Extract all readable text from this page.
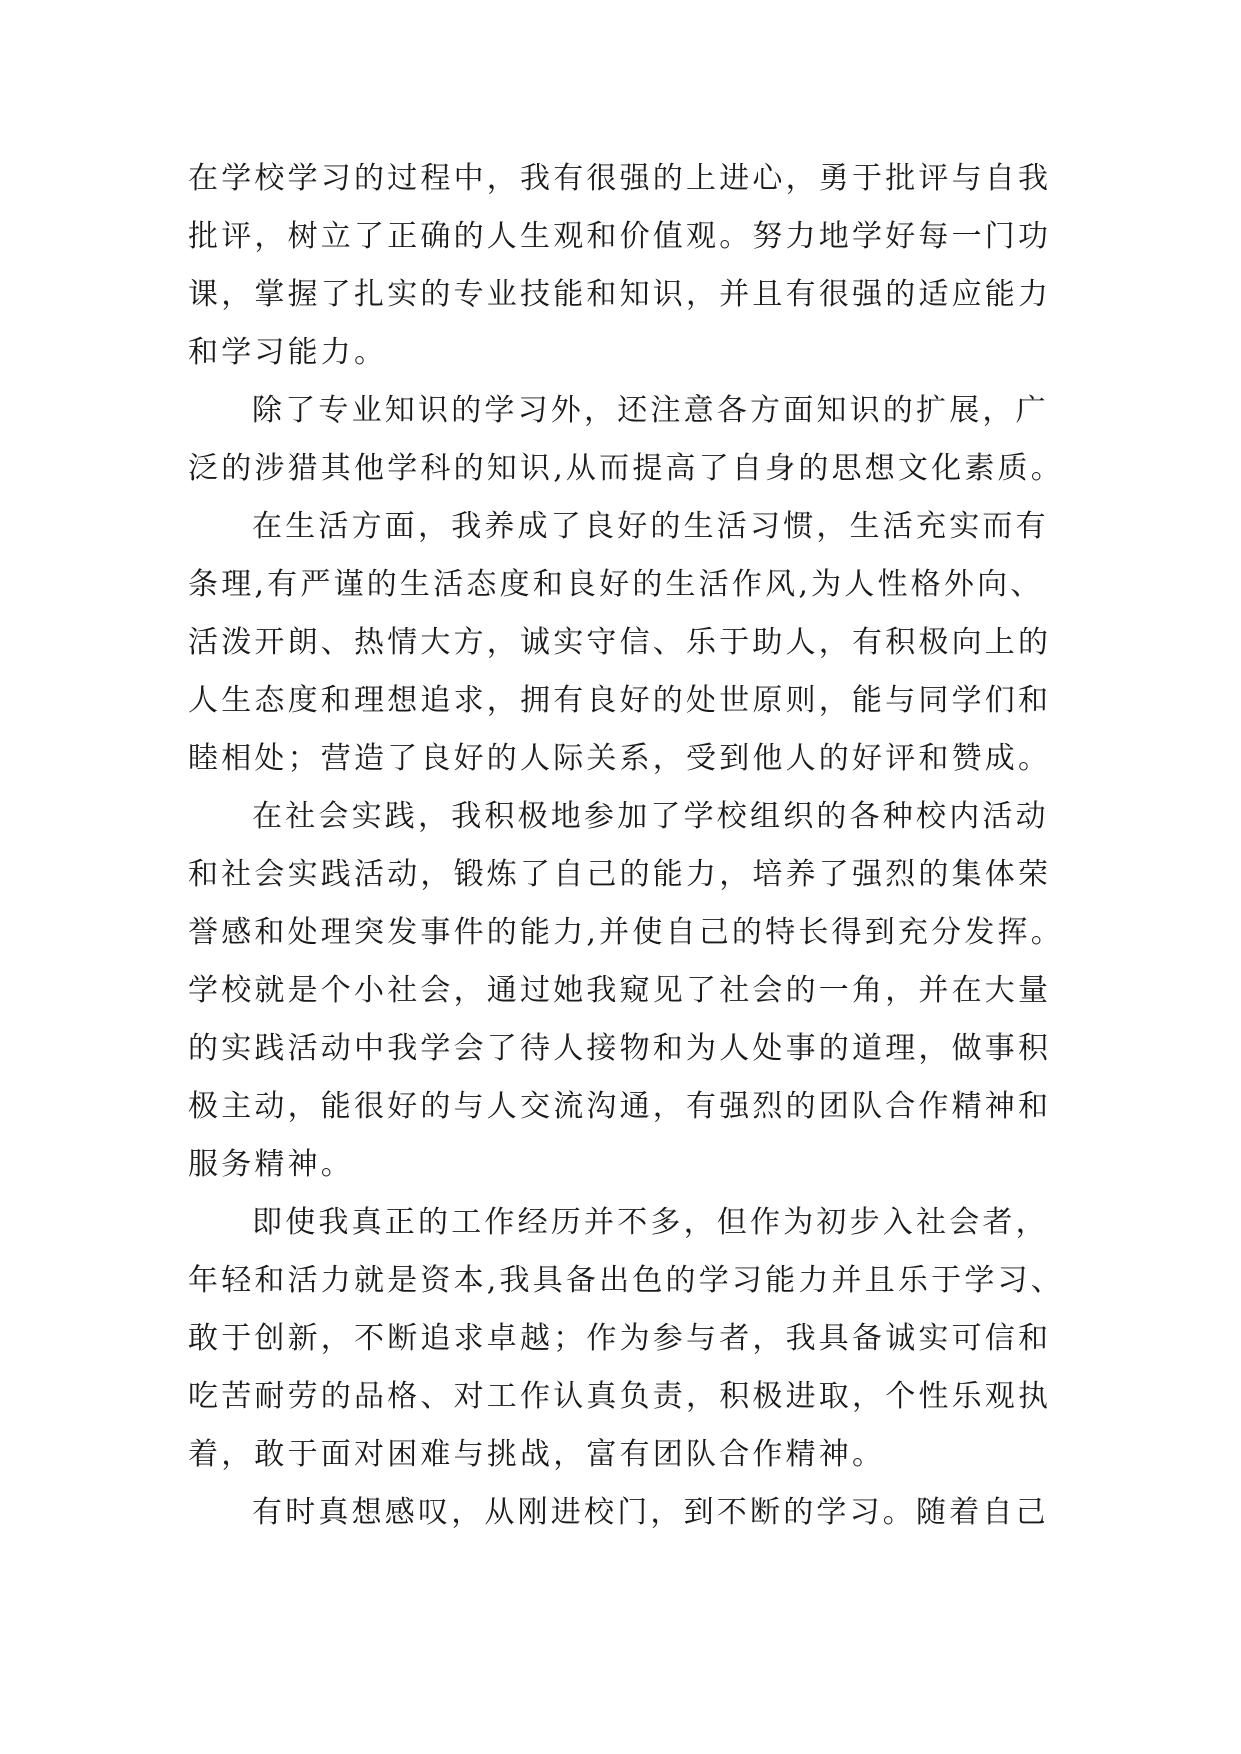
在学校学习的过程中，我有很强的上进心，勇于批评与自我
批评，树立了正确的人生观和价值观。努力地学好每一门功
课，掌握了扎实的专业技能和知识，并且有很强的适应能力
和学习能力。
除了专业知识的学习外，还注意各方面知识的扩展，广
泛的涉猎其他学科的知识,从而提高了自身的思想文化素质。
在生活方面，我养成了良好的生活习惯，生活充实而有
条理,有严谨的生活态度和良好的生活作风,为人性格外向、
活泼开朗、热情大方，诚实守信、乐于助人，有积极向上的
人生态度和理想追求，拥有良好的处世原则，能与同学们和
睦相处；营造了良好的人际关系，受到他人的好评和赞成。
在社会实践，我积极地参加了学校组织的各种校内活动
和社会实践活动，锻炼了自己的能力，培养了强烈的集体荣
誉感和处理突发事件的能力,并使自己的特长得到充分发挥。
学校就是个小社会，通过她我窥见了社会的一角，并在大量
的实践活动中我学会了待人接物和为人处事的道理，做事积
极主动，能很好的与人交流沟通，有强烈的团队合作精神和
服务精神。
即使我真正的工作经历并不多，但作为初步入社会者，
年轻和活力就是资本,我具备出色的学习能力并且乐于学习、
敢于创新，不断追求卓越；作为参与者，我具备诚实可信和
吃苦耐劳的品格、对工作认真负责，积极进取，个性乐观执
着，敢于面对困难与挑战，富有团队合作精神。
有时真想感叹，从刚进校门，到不断的学习。随着自己
